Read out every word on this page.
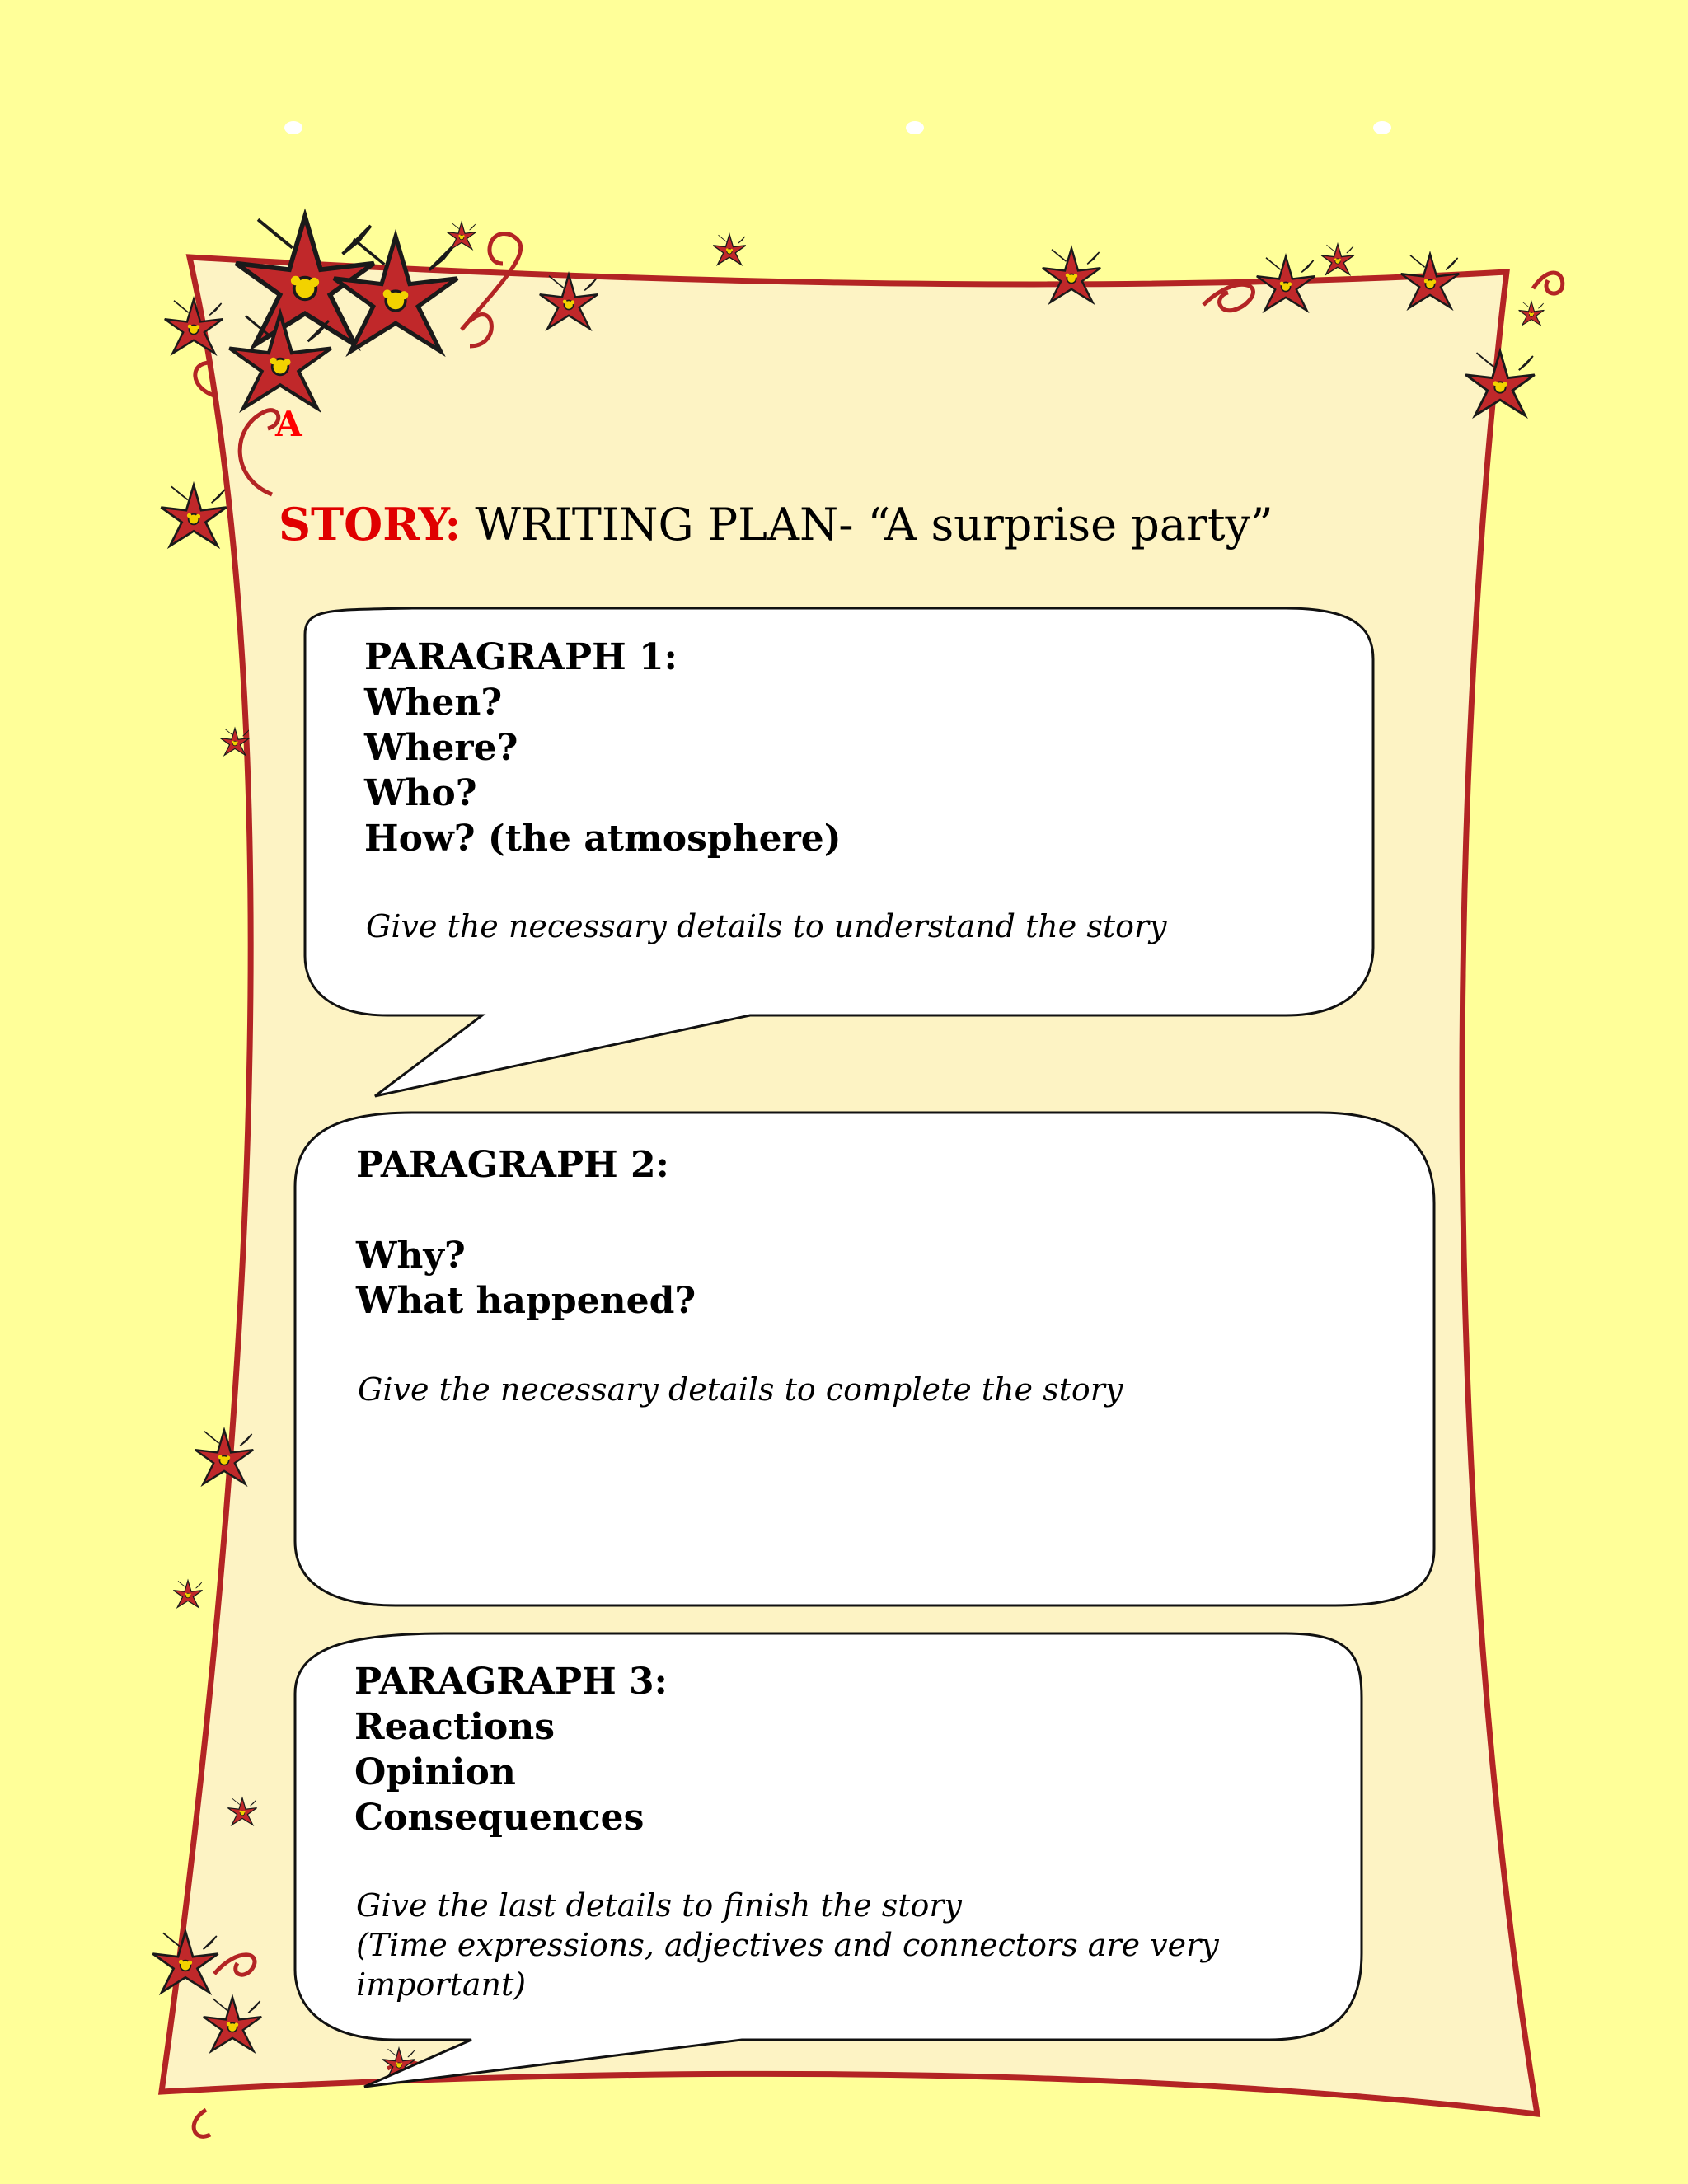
A
STORY: WRITING PLAN- “A surprise party”
PARAGRAPH 1:
When?
Where?
Who?
How? (the atmosphere)
Give the necessary details to understand the story
PARAGRAPH 2:
Why?
What happened?
Give the necessary details to complete the story
PARAGRAPH 3:
Reactions
Opinion
Consequences
Give the last details to finish the story
(Time expressions, adjectives and connectors are very
important)
